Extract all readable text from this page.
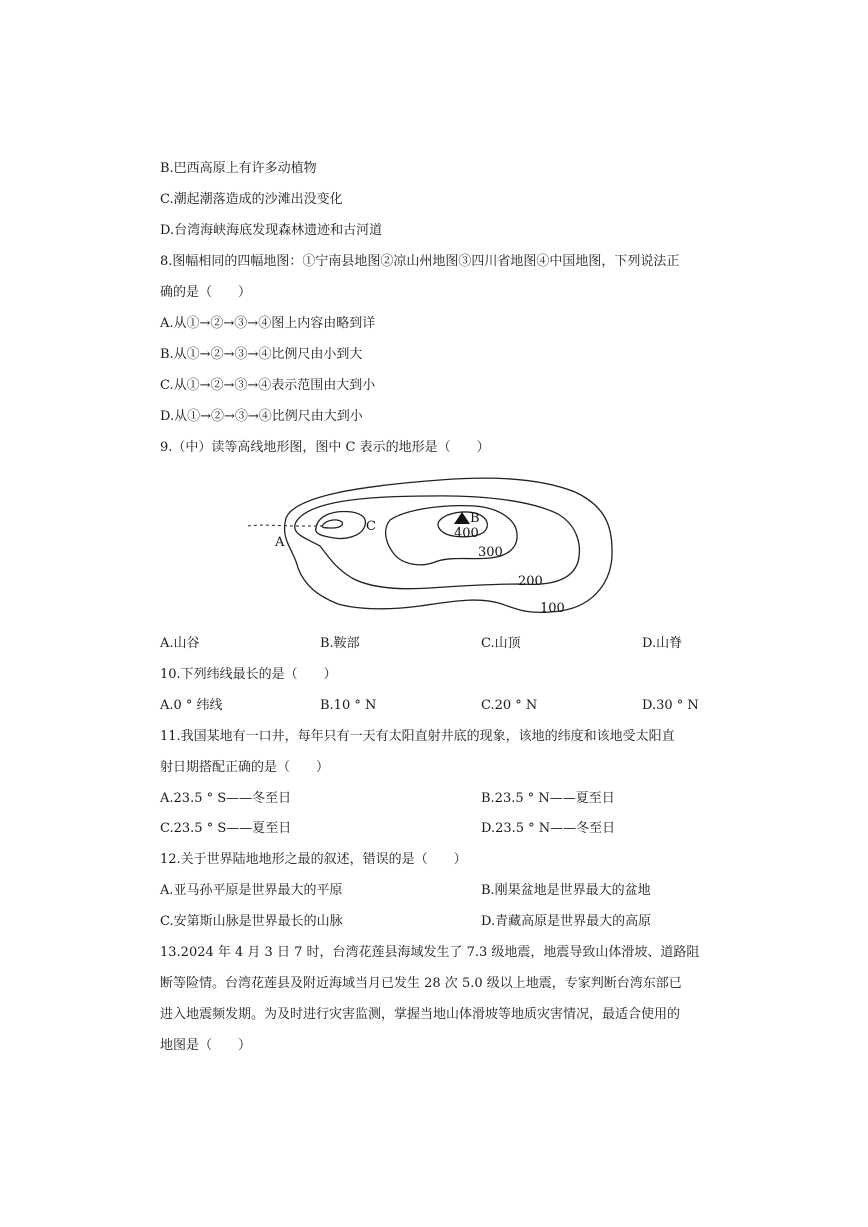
B.巴西高原上有许多动植物
C.潮起潮落造成的沙滩出没变化
D.台湾海峡海底发现森林遗迹和古河道
8.图幅相同的四幅地图：①宁南县地图②凉山州地图③四川省地图④中国地图，下列说法正
确的是（　　）
A.从①→②→③→④图上内容由略到详
B.从①→②→③→④比例尺由小到大
C.从①→②→③→④表示范围由大到小
D.从①→②→③→④比例尺由大到小
9.（中）读等高线地形图，图中 C 表示的地形是（　　）
A
C
B
400
300
200
100
A.山谷	B.鞍部	C.山顶	D.山脊
10.下列纬线最长的是（　　）
A.0 ° 纬线	B.10 ° N	C.20 ° N	D.30 ° N
11.我国某地有一口井，每年只有一天有太阳直射井底的现象，该地的纬度和该地受太阳直
射日期搭配正确的是（　　）
A.23.5 ° S——冬至日	B.23.5 ° N——夏至日
C.23.5 ° S——夏至日	D.23.5 ° N——冬至日
12.关于世界陆地地形之最的叙述，错误的是（　　）
A.亚马孙平原是世界最大的平原	B.刚果盆地是世界最大的盆地
C.安第斯山脉是世界最长的山脉	D.青藏高原是世界最大的高原
13.2024 年 4 月 3 日 7 时，台湾花莲县海域发生了 7.3 级地震，地震导致山体滑坡、道路阻
断等险情。台湾花莲县及附近海域当月已发生 28 次 5.0 级以上地震，专家判断台湾东部已
进入地震频发期。为及时进行灾害监测，掌握当地山体滑坡等地质灾害情况，最适合使用的
地图是（　　）
